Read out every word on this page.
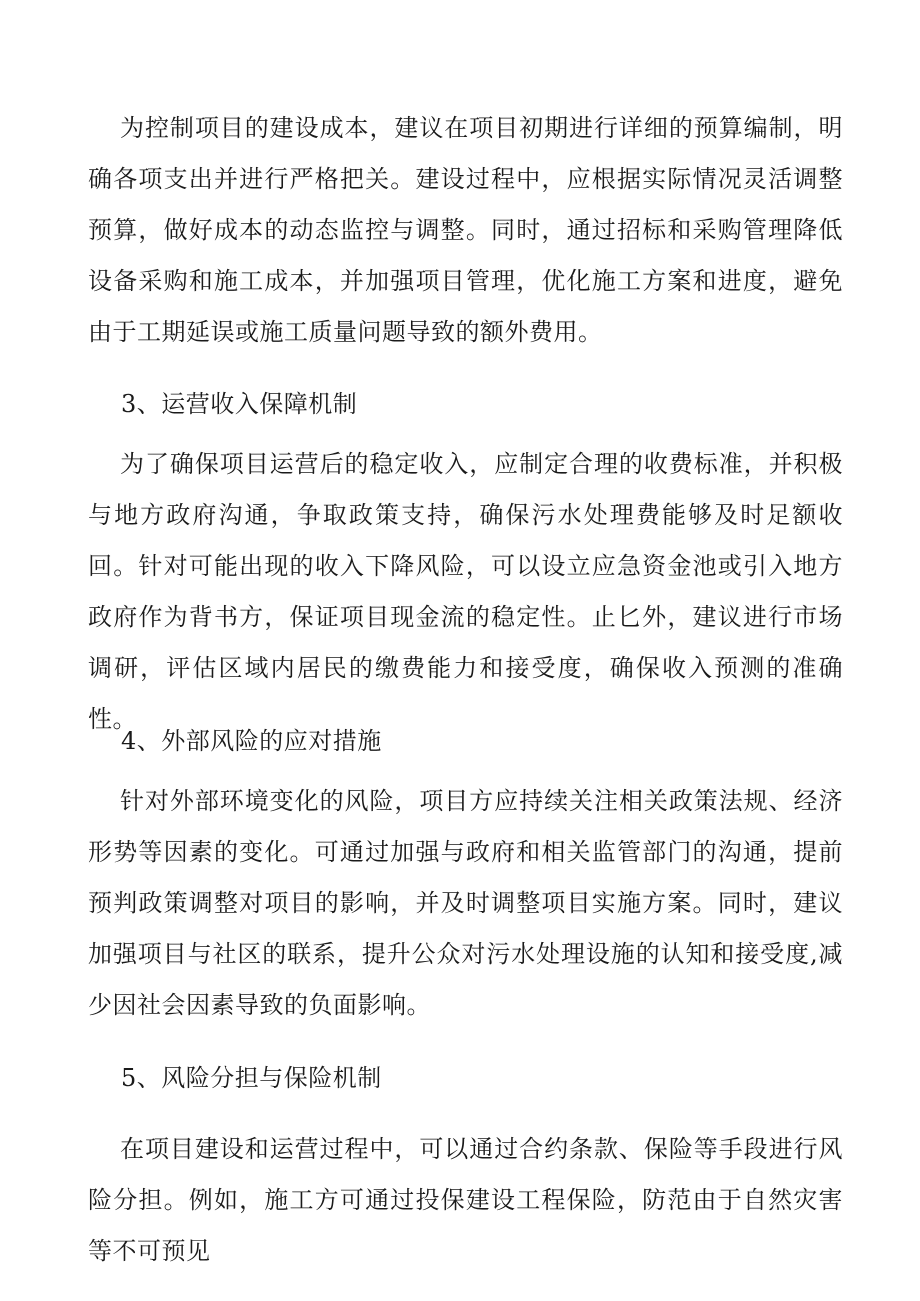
为控制项目的建设成本，建议在项目初期进行详细的预算编制，明确各项支出并进行严格把关。建设过程中，应根据实际情况灵活调整预算，做好成本的动态监控与调整。同时，通过招标和采购管理降低设备采购和施工成本，并加强项目管理，优化施工方案和进度，避免由于工期延误或施工质量问题导致的额外费用。

3、运营收入保障机制

为了确保项目运营后的稳定收入，应制定合理的收费标准，并积极与地方政府沟通，争取政策支持，确保污水处理费能够及时足额收回。针对可能出现的收入下降风险，可以设立应急资金池或引入地方政府作为背书方，保证项目现金流的稳定性。止匕外，建议进行市场调研，评估区域内居民的缴费能力和接受度，确保收入预测的准确性。

4、外部风险的应对措施

针对外部环境变化的风险，项目方应持续关注相关政策法规、经济形势等因素的变化。可通过加强与政府和相关监管部门的沟通，提前预判政策调整对项目的影响，并及时调整项目实施方案。同时，建议加强项目与社区的联系，提升公众对污水处理设施的认知和接受度,减少因社会因素导致的负面影响。

5、风险分担与保险机制

在项目建设和运营过程中，可以通过合约条款、保险等手段进行风险分担。例如，施工方可通过投保建设工程保险，防范由于自然灾害等不可预见
